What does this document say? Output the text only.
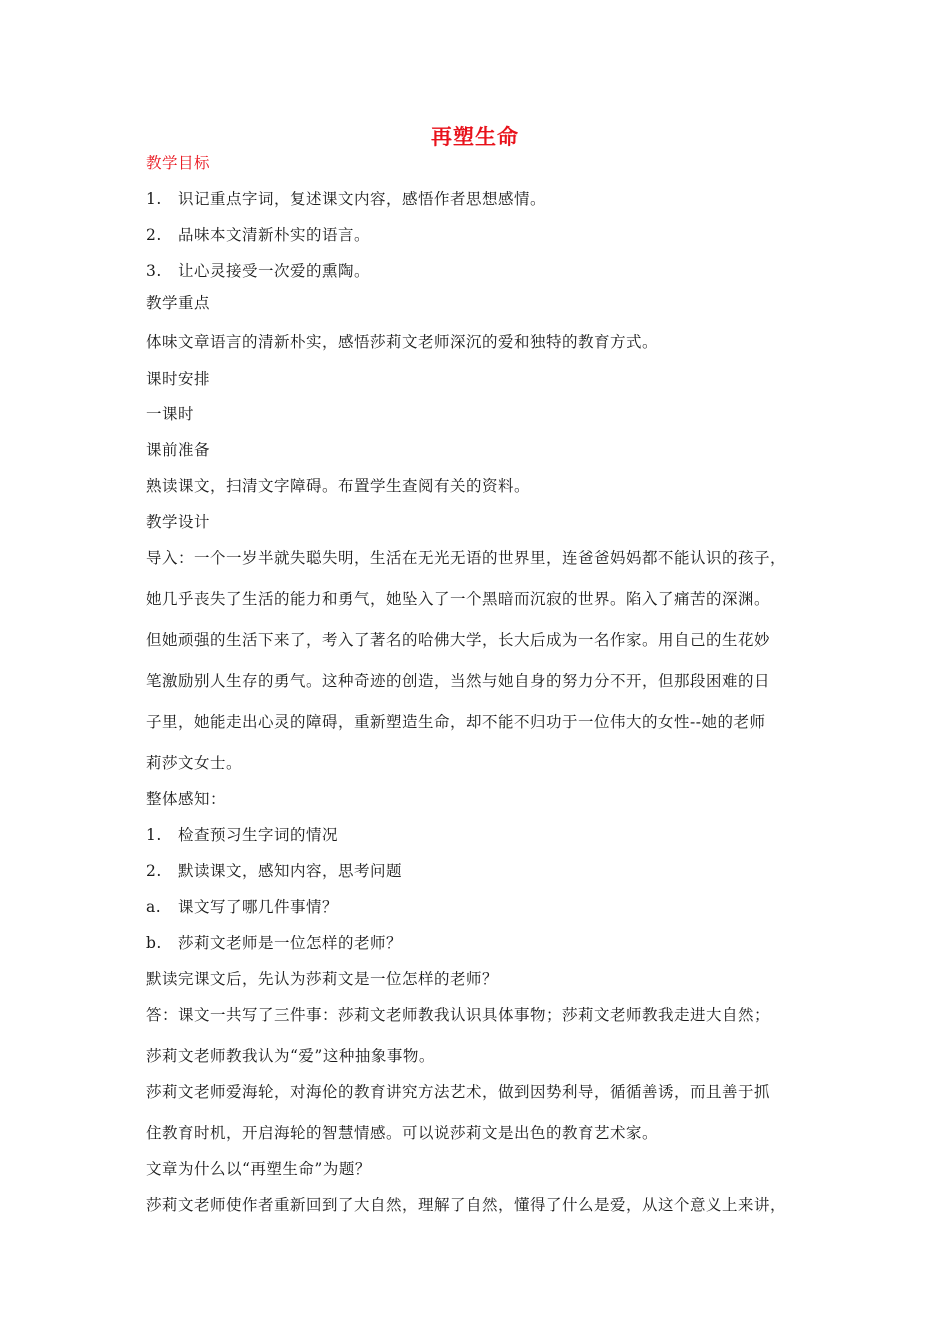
再塑生命
教学目标
1. 识记重点字词，复述课文内容，感悟作者思想感情。
2. 品味本文清新朴实的语言。
3. 让心灵接受一次爱的熏陶。
教学重点
体味文章语言的清新朴实，感悟莎莉文老师深沉的爱和独特的教育方式。
课时安排
一课时
课前准备
熟读课文，扫清文字障碍。布置学生查阅有关的资料。
教学设计
导入：一个一岁半就失聪失明，生活在无光无语的世界里，连爸爸妈妈都不能认识的孩子，
她几乎丧失了生活的能力和勇气，她坠入了一个黑暗而沉寂的世界。陷入了痛苦的深渊。
但她顽强的生活下来了，考入了著名的哈佛大学，长大后成为一名作家。用自己的生花妙
笔激励别人生存的勇气。这种奇迹的创造，当然与她自身的努力分不开，但那段困难的日
子里，她能走出心灵的障碍，重新塑造生命，却不能不归功于一位伟大的女性--她的老师
莉莎文女士。
整体感知：
1. 检查预习生字词的情况
2. 默读课文，感知内容，思考问题
a. 课文写了哪几件事情？
b. 莎莉文老师是一位怎样的老师？
默读完课文后，先认为莎莉文是一位怎样的老师？
答：课文一共写了三件事：莎莉文老师教我认识具体事物；莎莉文老师教我走进大自然；
莎莉文老师教我认为“爱”这种抽象事物。
莎莉文老师爱海轮，对海伦的教育讲究方法艺术，做到因势利导，循循善诱，而且善于抓
住教育时机，开启海轮的智慧情感。可以说莎莉文是出色的教育艺术家。
文章为什么以“再塑生命”为题？
莎莉文老师使作者重新回到了大自然，理解了自然，懂得了什么是爱，从这个意义上来讲，
